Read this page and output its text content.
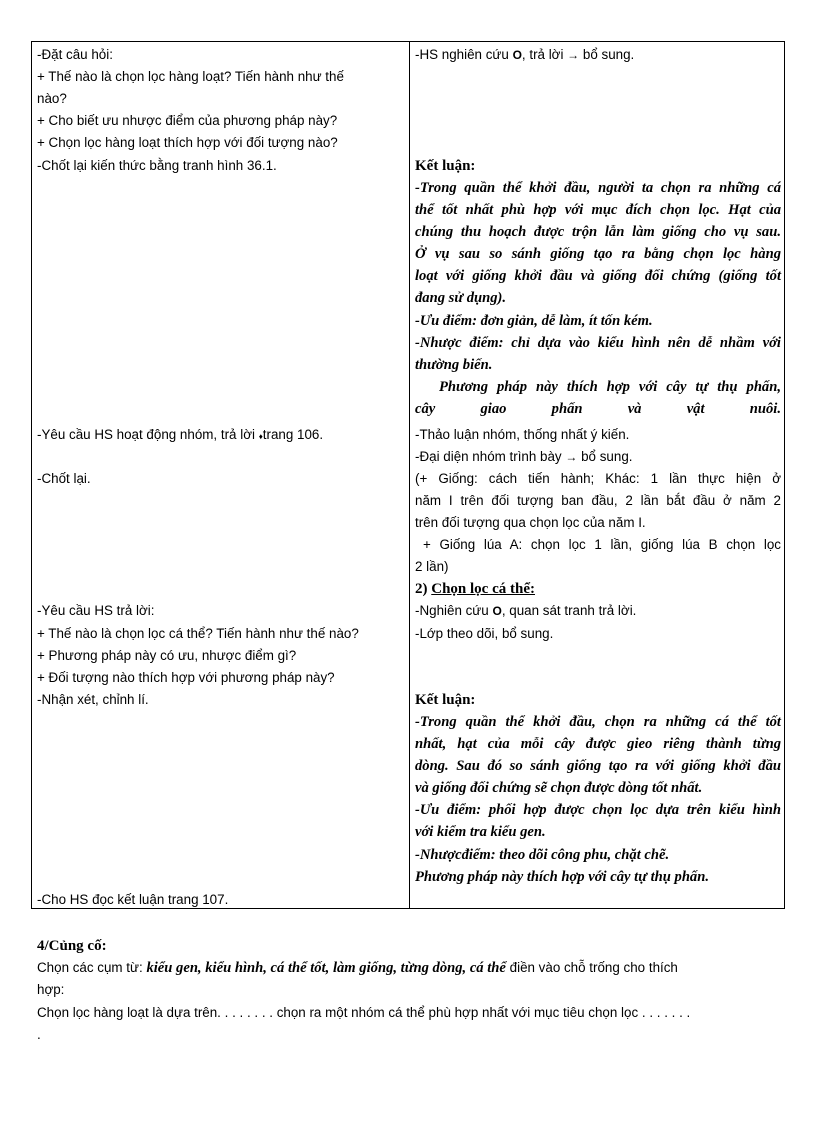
-Đặt câu hỏi:
+ Thế nào là chọn lọc hàng loạt? Tiến hành như thế
nào?
+ Cho biết ưu nhược điểm của phương pháp này?
+ Chọn lọc hàng loạt thích hợp với đối tượng nào?
-Chốt lại kiến thức bằng tranh hình 36.1.
-Yêu cầu HS hoạt động nhóm, trả lời ♦trang 106.
-Chốt lại.
-Yêu cầu HS trả lời:
+ Thế nào là chọn lọc cá thể? Tiến hành như thế nào?
+ Phương pháp này có ưu, nhược điểm gì?
+ Đối tượng nào thích hợp với phương pháp này?
-Nhận xét, chỉnh lí.
-Cho HS đọc kết luận trang 107.
-HS nghiên cứu O, trả lời → bổ sung.
Kết luận:
-Trong quần thể khởi đầu, người ta chọn ra những cá
thể tốt nhất phù hợp với mục đích chọn lọc. Hạt của
chúng thu hoạch được trộn lẫn làm giống cho vụ sau.
Ở vụ sau so sánh giống tạo ra bằng chọn lọc hàng
loạt với giống khởi đầu và giống đối chứng (giống tốt
đang sử dụng).
-Ưu điểm: đơn giản, dễ làm, ít tốn kém.
-Nhược điểm: chỉ dựa vào kiểu hình nên dễ nhầm với
thường biến.
Phương pháp này thích hợp với cây tự thụ phấn,
cây giao phấn và vật nuôi.
-Thảo luận nhóm, thống nhất ý kiến.
-Đại diện nhóm trình bày → bổ sung.
(+ Giống: cách tiến hành; Khác: 1 lần thực hiện ở
năm I trên đối tượng ban đầu, 2 lần bắt đầu ở năm 2
trên đối tượng qua chọn lọc của năm I.
+ Giống lúa A: chọn lọc 1 lần, giống lúa B chọn lọc
2 lần)
2) Chọn lọc cá thể:
-Nghiên cứu O, quan sát tranh trả lời.
-Lớp theo dõi, bổ sung.
Kết luận:
-Trong quần thể khởi đầu, chọn ra những cá thể tốt
nhất, hạt của mỗi cây được gieo riêng thành từng
dòng. Sau đó so sánh giống tạo ra với giống khởi đầu
và giống đối chứng sẽ chọn được dòng tốt nhất.
-Ưu điểm: phối hợp được chọn lọc dựa trên kiểu hình
với kiểm tra kiểu gen.
-Nhượcđiểm: theo dõi công phu, chặt chẽ.
Phương pháp này thích hợp với cây tự thụ phấn.
4/Củng cố:
Chọn các cụm từ: kiểu gen, kiểu hình, cá thể tốt, làm giống, từng dòng, cá thể điền vào chỗ trống cho thích
hợp:
Chọn lọc hàng loạt là dựa trên. . . . . . . . chọn ra một nhóm cá thể phù hợp nhất với mục tiêu chọn lọc . . . . . . .
.
